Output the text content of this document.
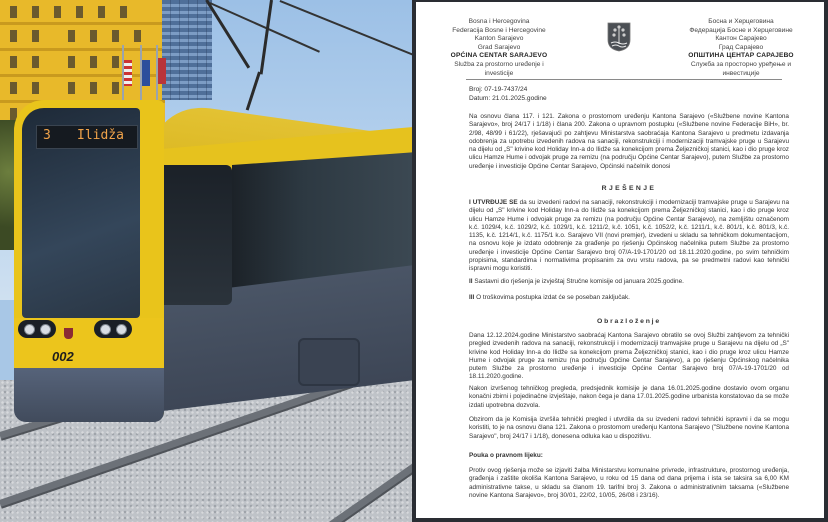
3 Ilidža
002
Bosna i Hercegovina
Federacija Bosne i Hercegovine
Kanton Sarajevo
Grad Sarajevo
OPĆINA CENTAR SARAJEVO
Služba za prostorno uređenje i
investicije
Босна и Херцеговина
Федерација Босне и Херцеговине
Кантон Сарајево
Град Сарајево
ОПШТИНА ЦЕНТАР САРАЈЕВО
Служба за просторно уређење и
инвестиције
Broj: 07-19-7437/24
Datum: 21.01.2025.godine
Na osnovu člana 117. i 121. Zakona o prostornom uređenju Kantona Sarajevo («Službene novine Kantona Sarajevo», broj 24/17 i 1/18) i člana 200. Zakona o upravnom postupku («Službene novine Federacije BiH», br. 2/98, 48/99 i 61/22), rješavajući po zahtjevu Ministarstva saobraćaja Kantona Sarajevo u predmetu izdavanja odobrenja za upotrebu izvedenih radova na sanaciji, rekonstrukciji i modernizaciji tramvajske pruge u Sarajevu na dijelu od „S" krivine kod Holiday Inn-a do Ilidže sa konekcijom prema Željezničkoj stanici, kao i dio pruge kroz ulicu Hamze Hume i odvojak pruge za remizu (na području Općine Centar Sarajevo), putem Službe za prostorno uređenje i investicije Općine Centar Sarajevo, Općinski načelnik donosi
RJEŠENJE
I UTVRĐUJE SE da su izvedeni radovi na sanaciji, rekonstrukciji i modernizaciji tramvajske pruge u Sarajevu na dijelu od „S" krivine kod Holiday Inn-a do Ilidže sa konekcijom prema Željezničkoj stanici, kao i dio pruge kroz ulicu Hamze Hume i odvojak pruge za remizu (na području Općine Centar Sarajevo), na zemljištu označenom k.č. 1029/4, k.č. 1029/2, k.č. 1029/1, k.č. 1211/2, k.č. 1051, k.č. 1052/2, k.č. 1211/1, k.č. 801/1, k.č. 801/3, k.č. 1135, k.č. 1214/1, k.č. 1175/1 k.o. Sarajevo VII (novi premjer), izvedeni u skladu sa tehničkom dokumentacijom, na osnovu koje je izdato odobrenje za građenje po rješenju Općinskog načelnika putem Službe za prostorno uređenje i investicije Općine Centar Sarajevo broj 07/A-19-1701/20 od 18.11.2020.godine, po svim tehničkim propisima, standardima i normativima propisanim za ovu vrstu radova, pa se predmetni radovi kao tehnički ispravni mogu koristiti.
II Sastavni dio rješenja je izvještaj Stručne komisije od januara 2025.godine.
III O troškovima postupka izdat će se poseban zaključak.
Obrazloženje
Dana 12.12.2024.godine Ministarstvo saobraćaj Kantona Sarajevo obratilo se ovoj Službi zahtjevom za tehnički pregled izvedenih radova na sanaciji, rekonstrukciji i modernizaciji tramvajske pruge u Sarajevu na dijelu od „S" krivine kod Holiday Inn-a do Ilidže sa konekcijom prema Željezničkoj stanici, kao i dio pruge kroz ulicu Hamze Hume i odvojak pruge za remizu (na području Općine Centar Sarajevo), a po rješenju Općinskog načelnika putem Službe za prostorno uređenje i investicije Općine Centar Sarajevo broj 07/A-19-1701/20 od 18.11.2020.godine.
Nakon izvršenog tehničkog pregleda, predsjednik komisije je dana 16.01.2025.godine dostavio ovom organu konačni zbirni i pojedinačne izvještaje, nakon čega je dana 17.01.2025.godine urbanista konstatovao da se može izdati upotrebna dozvola.
Obzirom da je Komisija izvršila tehnički pregled i utvrdila da su izvedeni radovi tehnički ispravni i da se mogu koristiti, to je na osnovu člana 121. Zakona o prostornom uređenju Kantona Sarajevo ("Službene novine Kantona Sarajevo", broj 24/17 i 1/18), donesena odluka kao u dispozitivu.
Pouka o pravnom lijeku:
Protiv ovog rješenja može se izjaviti žalba Ministarstvu komunalne privrede, infrastrukture, prostornog uređenja, građenja i zaštite okoliša Kantona Sarajevo, u roku od 15 dana od dana prijema i ista se taksira sa 6,00 KM administrativne takse, u skladu sa članom 19. tarifni broj 3. Zakona o administrativnim taksama («Službene novine Kantona Sarajevo», broj 30/01, 22/02, 10/05, 26/08 i 23/16).
